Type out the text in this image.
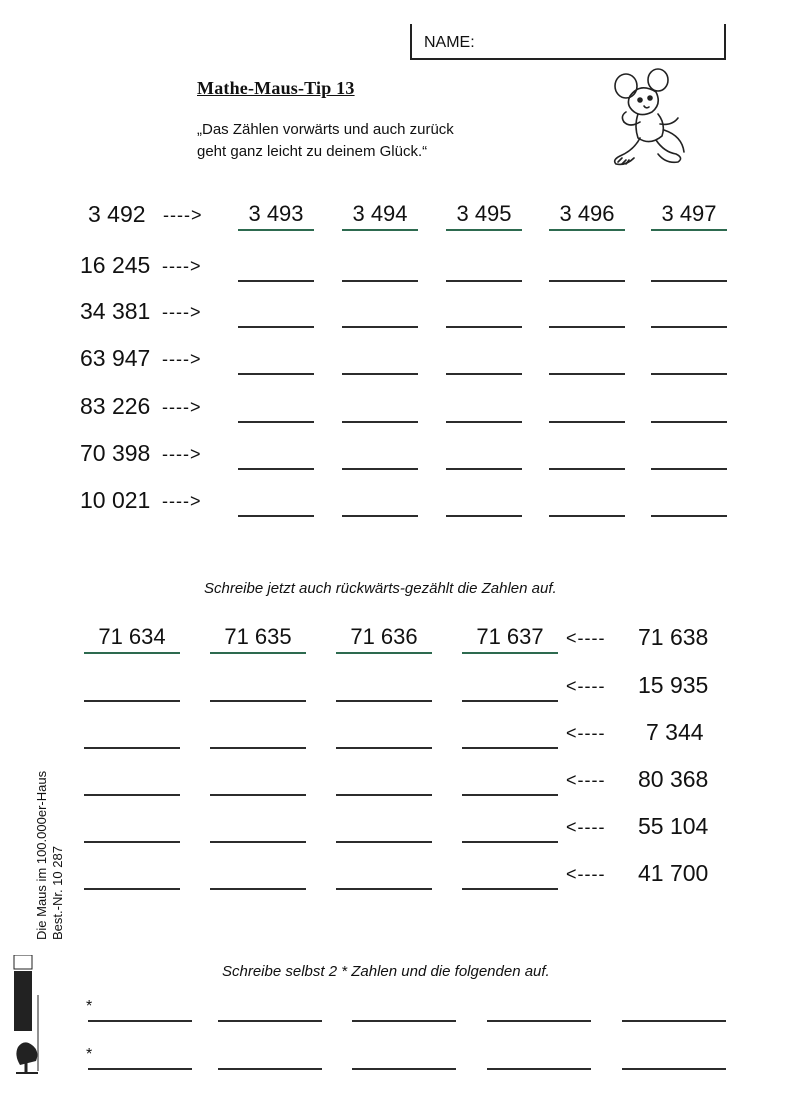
NAME:
Mathe-Maus-Tip 13
„Das Zählen vorwärts und auch zurück
geht ganz leicht zu deinem Glück.“
3 492 ---->	3 493	3 494	3 495	3 496	3 497
16 245 ---->
34 381 ---->
63 947 ---->
83 226 ---->
70 398 ---->
10 021 ---->
Schreibe jetzt auch rückwärts-gezählt die Zahlen auf.
71 634	71 635	71 636	71 637	<---- 71 638
<---- 15 935
<---- 7 344
<---- 80 368
<---- 55 104
<---- 41 700
Schreibe selbst 2 * Zahlen und die folgenden auf.
*
*
Die Maus im 100.000er-Haus Best.-Nr. 10 287
